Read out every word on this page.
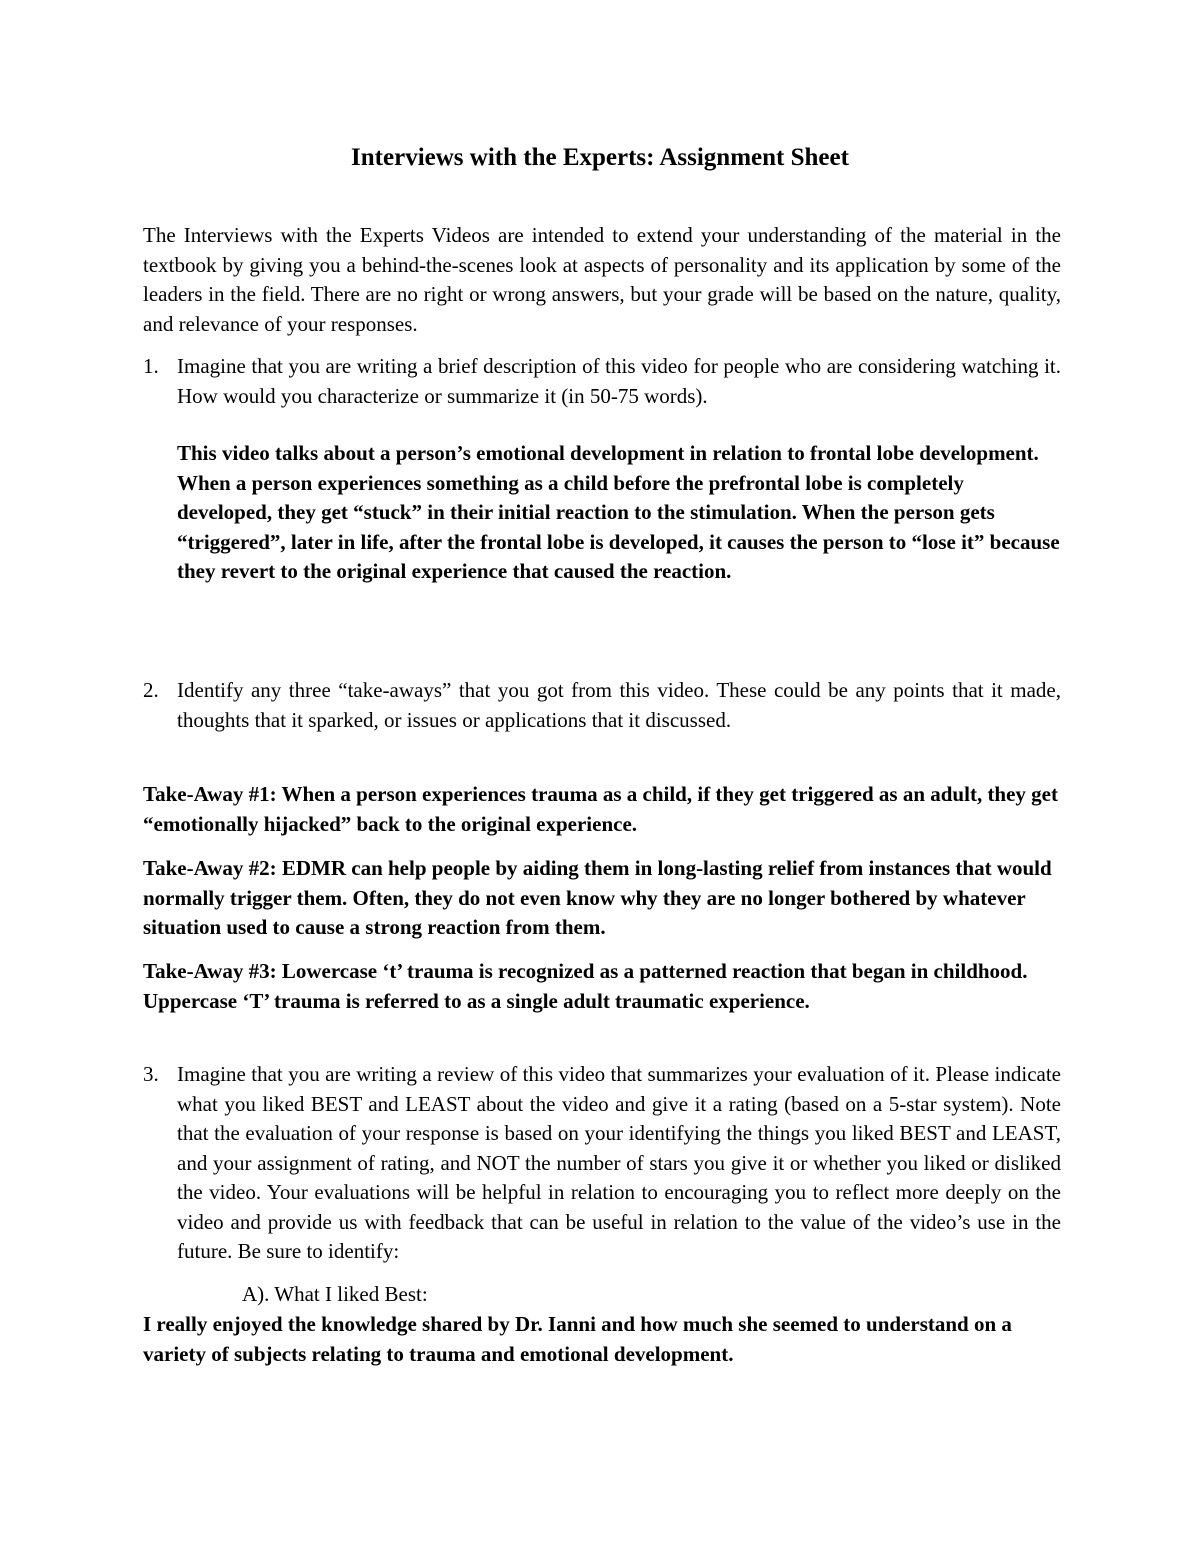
Interviews with the Experts: Assignment Sheet
The Interviews with the Experts Videos are intended to extend your understanding of the material in the textbook by giving you a behind-the-scenes look at aspects of personality and its application by some of the leaders in the field. There are no right or wrong answers, but your grade will be based on the nature, quality, and relevance of your responses.
1. Imagine that you are writing a brief description of this video for people who are considering watching it. How would you characterize or summarize it (in 50-75 words).
This video talks about a person’s emotional development in relation to frontal lobe development. When a person experiences something as a child before the prefrontal lobe is completely developed, they get “stuck” in their initial reaction to the stimulation. When the person gets “triggered”, later in life, after the frontal lobe is developed, it causes the person to “lose it” because they revert to the original experience that caused the reaction.
2. Identify any three “take-aways” that you got from this video. These could be any points that it made, thoughts that it sparked, or issues or applications that it discussed.
Take-Away #1: When a person experiences trauma as a child, if they get triggered as an adult, they get “emotionally hijacked” back to the original experience.
Take-Away #2: EDMR can help people by aiding them in long-lasting relief from instances that would normally trigger them. Often, they do not even know why they are no longer bothered by whatever situation used to cause a strong reaction from them.
Take-Away #3: Lowercase ‘t’ trauma is recognized as a patterned reaction that began in childhood. Uppercase ‘T’ trauma is referred to as a single adult traumatic experience.
3. Imagine that you are writing a review of this video that summarizes your evaluation of it. Please indicate what you liked BEST and LEAST about the video and give it a rating (based on a 5-star system). Note that the evaluation of your response is based on your identifying the things you liked BEST and LEAST, and your assignment of rating, and NOT the number of stars you give it or whether you liked or disliked the video. Your evaluations will be helpful in relation to encouraging you to reflect more deeply on the video and provide us with feedback that can be useful in relation to the value of the video’s use in the future. Be sure to identify:
A). What I liked Best:
I really enjoyed the knowledge shared by Dr. Ianni and how much she seemed to understand on a variety of subjects relating to trauma and emotional development.
